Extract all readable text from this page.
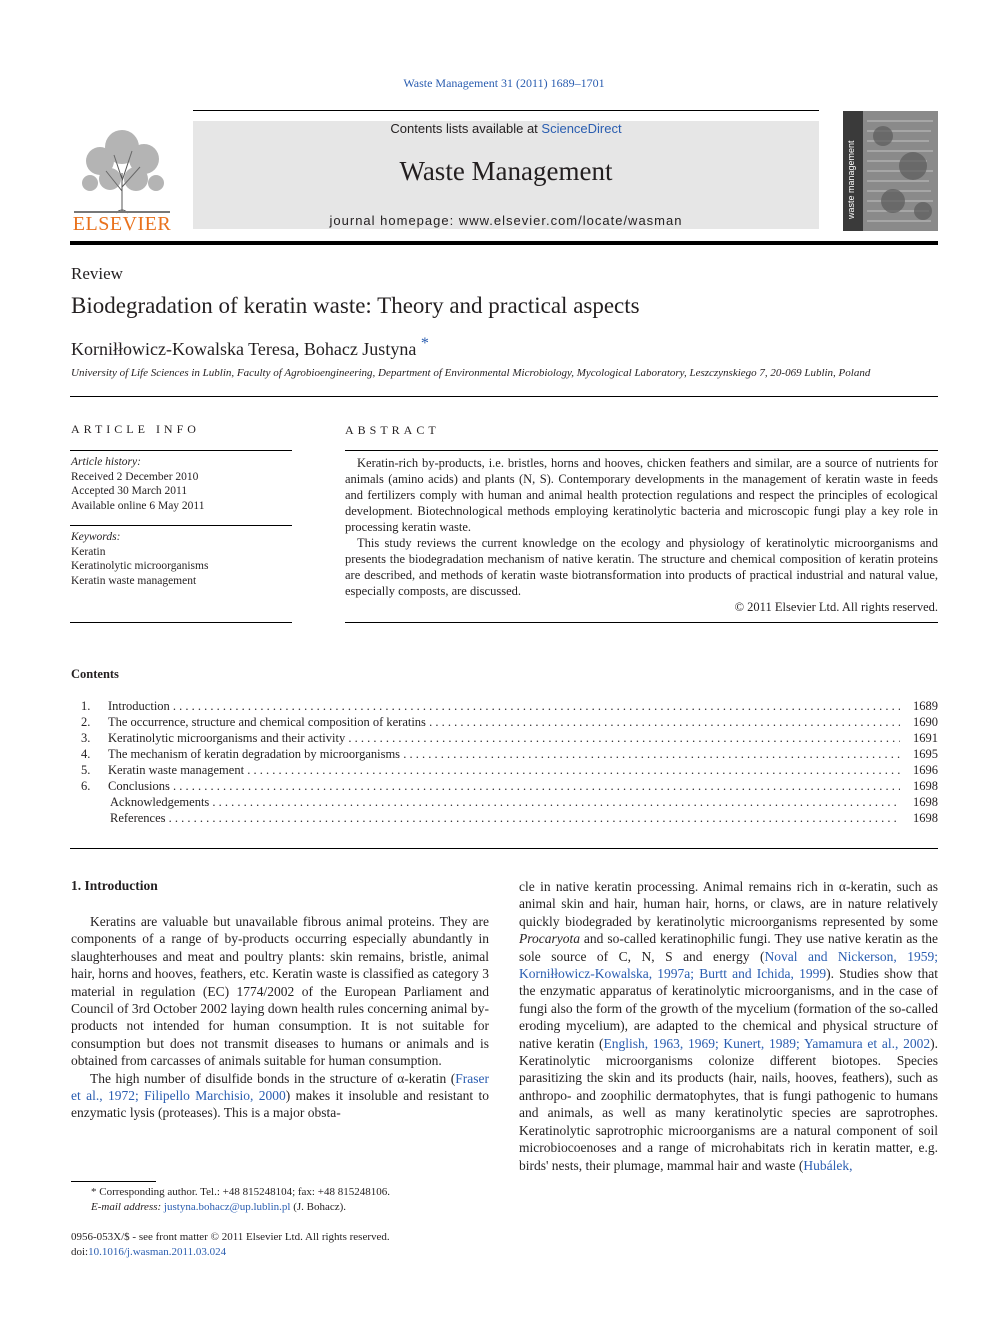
Waste Management 31 (2011) 1689–1701
ELSEVIER
Contents lists available at ScienceDirect
Waste Management
journal homepage: www.elsevier.com/locate/wasman
waste management
Review
Biodegradation of keratin waste: Theory and practical aspects
Korniłłowicz-Kowalska Teresa, Bohacz Justyna *
University of Life Sciences in Lublin, Faculty of Agrobioengineering, Department of Environmental Microbiology, Mycological Laboratory, Leszczynskiego 7, 20-069 Lublin, Poland
ARTICLE INFO	ABSTRACT
Article history:
Received 2 December 2010
Accepted 30 March 2011
Available online 6 May 2011
Keywords:
Keratin
Keratinolytic microorganisms
Keratin waste management

Keratin-rich by-products, i.e. bristles, horns and hooves, chicken feathers and similar, are a source of nutrients for animals (amino acids) and plants (N, S). Contemporary developments in the management of keratin waste in feeds and fertilizers comply with human and animal health protection regulations and respect the principles of ecological development. Biotechnological methods employing keratinolytic bacteria and microscopic fungi play a key role in processing keratin waste.

This study reviews the current knowledge on the ecology and physiology of keratinolytic microorganisms and presents the biodegradation mechanism of native keratin. The structure and chemical composition of keratin proteins are described, and methods of keratin waste biotransformation into products of practical industrial and natural value, especially composts, are discussed.

© 2011 Elsevier Ltd. All rights reserved.
Contents
1.	Introduction . . .	1689
2.	The occurrence, structure and chemical composition of keratins . . .	1690
3.	Keratinolytic microorganisms and their activity . . .	1691
4.	The mechanism of keratin degradation by microorganisms . . .	1695
5.	Keratin waste management . . .	1696
6.	Conclusions . . .	1698
Acknowledgements . . .	1698
References . . .	1698
1. Introduction

Keratins are valuable but unavailable fibrous animal proteins. They are components of a range of by-products occurring especially abundantly in slaughterhouses and meat and poultry plants: skin remains, bristle, animal hair, horns and hooves, feathers, etc. Keratin waste is classified as category 3 material in regulation (EC) 1774/2002 of the European Parliament and Council of 3rd October 2002 laying down health rules concerning animal by-products not intended for human consumption. It is not suitable for consumption but does not transmit diseases to humans or animals and is obtained from carcasses of animals suitable for human consumption.

The high number of disulfide bonds in the structure of α-keratin (Fraser et al., 1972; Filipello Marchisio, 2000) makes it insoluble and resistant to enzymatic lysis (proteases). This is a major obsta-

cle in native keratin processing. Animal remains rich in α-keratin, such as animal skin and hair, human hair, horns, or claws, are in nature relatively quickly biodegraded by keratinolytic microorganisms represented by some Procaryota and so-called keratinophilic fungi. They use native keratin as the sole source of C, N, S and energy (Noval and Nickerson, 1959; Korniłłowicz-Kowalska, 1997a; Burtt and Ichida, 1999). Studies show that the enzymatic apparatus of keratinolytic microorganisms, and in the case of fungi also the form of the growth of the mycelium (formation of the so-called eroding mycelium), are adapted to the chemical and physical structure of native keratin (English, 1963, 1969; Kunert, 1989; Yamamura et al., 2002). Keratinolytic microorganisms colonize different biotopes. Species parasitizing the skin and its products (hair, nails, hooves, feathers), such as anthropo- and zoophilic dermatophytes, that is fungi pathogenic to humans and animals, as well as many keratinolytic species are saprotrophes. Keratinolytic saprotrophic microorganisms are a natural component of soil microbiocoenoses and a range of microhabitats rich in keratin matter, e.g. birds' nests, their plumage, mammal hair and waste (Hubálek,

* Corresponding author. Tel.: +48 815248104; fax: +48 815248106.
E-mail address: justyna.bohacz@up.lublin.pl (J. Bohacz).
0956-053X/$ - see front matter © 2011 Elsevier Ltd. All rights reserved.
doi:10.1016/j.wasman.2011.03.024
